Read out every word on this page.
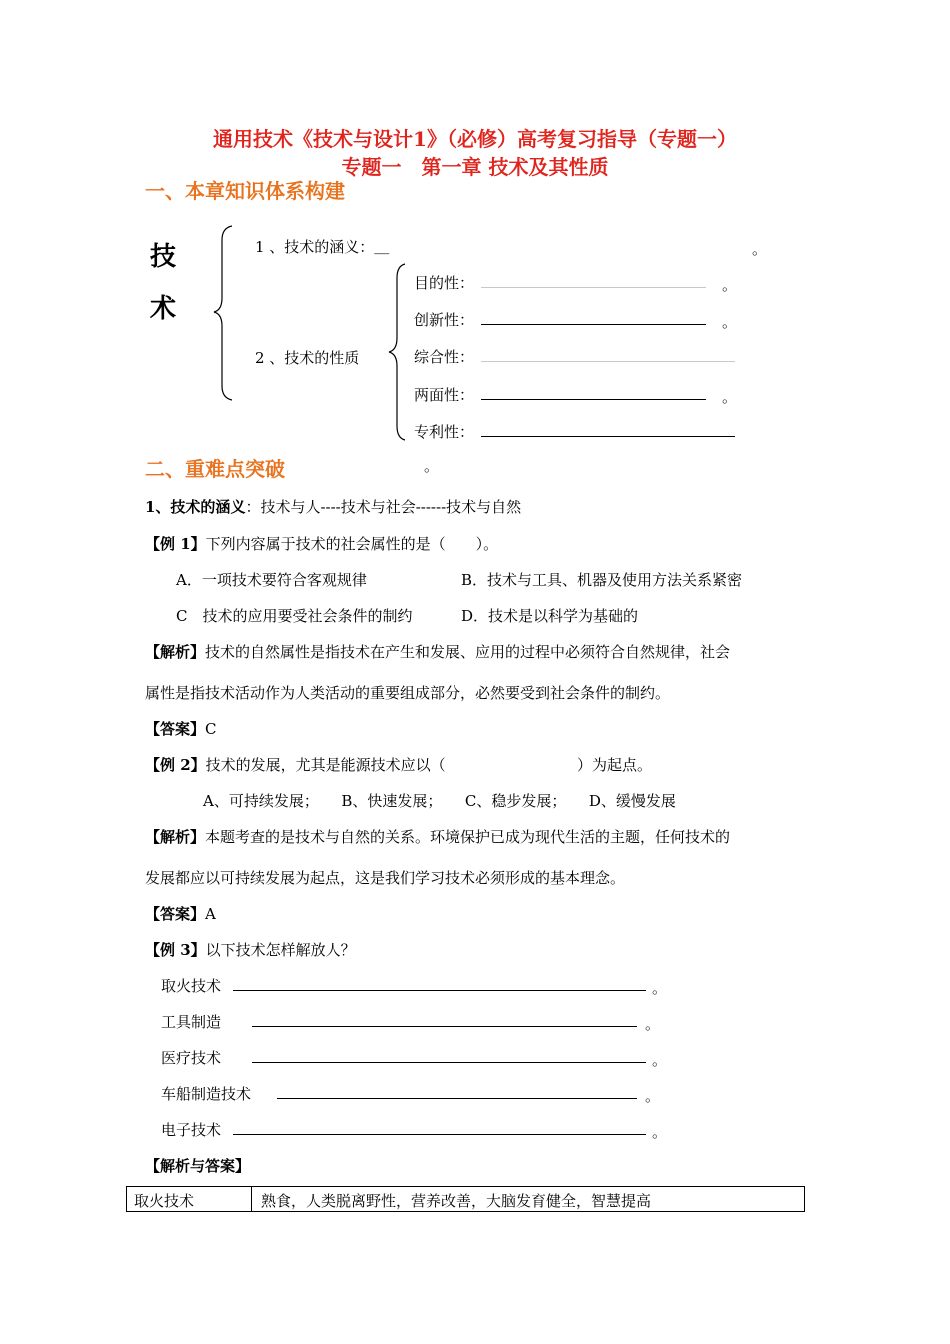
通用技术《技术与设计1》（必修）高考复习指导（专题一）
专题一　第一章 技术及其性质
一、本章知识体系构建
技
术
1 、技术的涵义：＿	。
2 、技术的性质
目的性：	。
创新性：	。
综合性：
两面性：	。
专利性：
二、重难点突破	。
1、技术的涵义：技术与人----技术与社会------技术与自然
【例 1】下列内容属于技术的社会属性的是（　　）。
A．一项技术要符合客观规律	B．技术与工具、机器及使用方法关系紧密
C　技术的应用要受社会条件的制约	D．技术是以科学为基础的
【解析】技术的自然属性是指技术在产生和发展、应用的过程中必须符合自然规律，社会
属性是指技术活动作为人类活动的重要组成部分，必然要受到社会条件的制约。
【答案】C
【例 2】技术的发展，尤其是能源技术应以（	）为起点。
A、可持续发展；　　B、快速发展；　　C、稳步发展；　　D、缓慢发展
【解析】本题考查的是技术与自然的关系。环境保护已成为现代生活的主题，任何技术的
发展都应以可持续发展为起点，这是我们学习技术必须形成的基本理念。
【答案】A
【例 3】以下技术怎样解放人？
取火技术	。
工具制造	。
医疗技术	。
车船制造技术	。
电子技术	。
【解析与答案】
取火技术	熟食，人类脱离野性，营养改善，大脑发育健全，智慧提高
